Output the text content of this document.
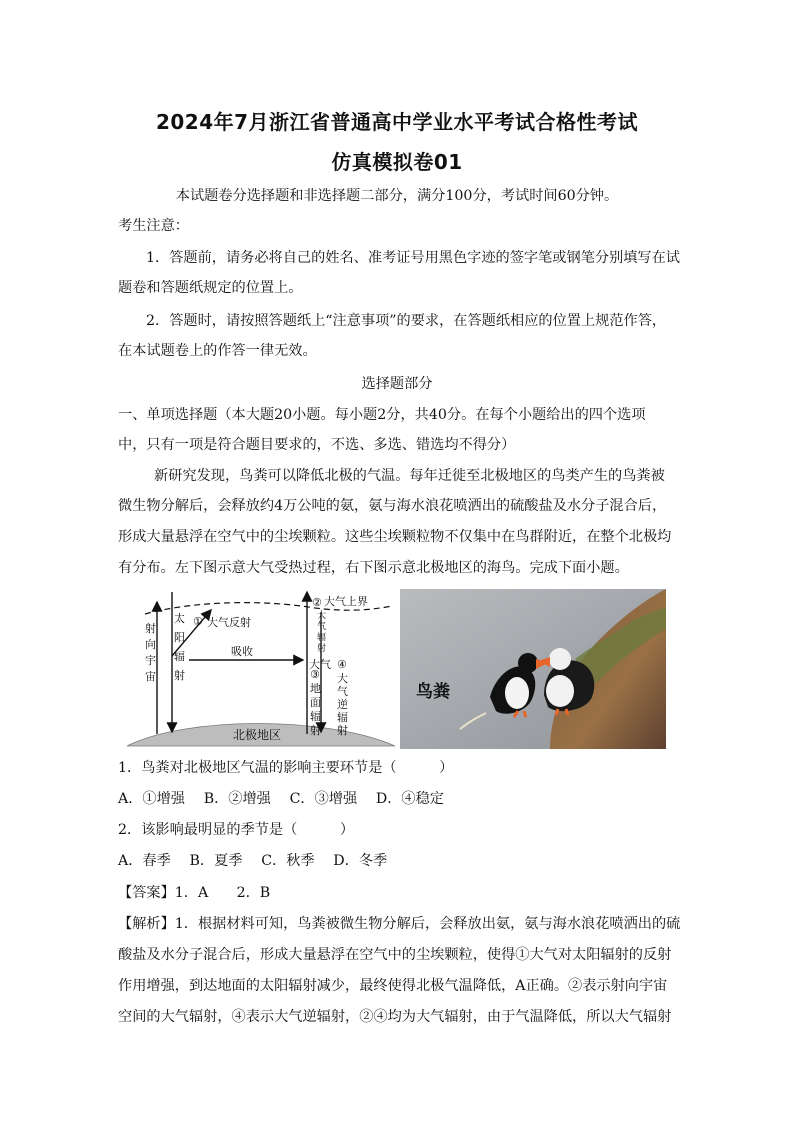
2024年7月浙江省普通高中学业水平考试合格性考试
仿真模拟卷01
本试题卷分选择题和非选择题二部分，满分100分，考试时间60分钟。
考生注意：
1．答题前，请务必将自己的姓名、准考证号用黑色字迹的签字笔或钢笔分别填写在试
题卷和答题纸规定的位置上。
2．答题时，请按照答题纸上“注意事项”的要求，在答题纸相应的位置上规范作答，
在本试题卷上的作答一律无效。
选择题部分
一、单项选择题（本大题20小题。每小题2分，共40分。在每个小题给出的四个选项
中，只有一项是符合题目要求的，不选、多选、错选均不得分）
新研究发现，鸟粪可以降低北极的气温。每年迁徙至北极地区的鸟类产生的鸟粪被
微生物分解后，会释放约4万公吨的氨，氨与海水浪花喷洒出的硫酸盐及水分子混合后，
形成大量悬浮在空气中的尘埃颗粒。这些尘埃颗粒物不仅集中在鸟群附近，在整个北极均
有分布。左下图示意大气受热过程，右下图示意北极地区的海鸟。完成下面小题。
② 大气上界
① 大气反射
吸收
大气
射
向
宇
宙
太
阳
辐
射
大
气
辐
射
③
地
面
辐
射
④
大
气
逆
辐
射
北极地区
鸟粪
1．鸟粪对北极地区气温的影响主要环节是（　　　）
A．①增强　 B．②增强　 C．③增强　 D．④稳定
2．该影响最明显的季节是（　　　）
A．春季　 B．夏季　 C．秋季　 D．冬季
【答案】1．A　　2．B
【解析】1．根据材料可知，鸟粪被微生物分解后，会释放出氨，氨与海水浪花喷洒出的硫
酸盐及水分子混合后，形成大量悬浮在空气中的尘埃颗粒，使得①大气对太阳辐射的反射
作用增强，到达地面的太阳辐射减少，最终使得北极气温降低，A正确。②表示射向宇宙
空间的大气辐射，④表示大气逆辐射，②④均为大气辐射，由于气温降低，所以大气辐射
